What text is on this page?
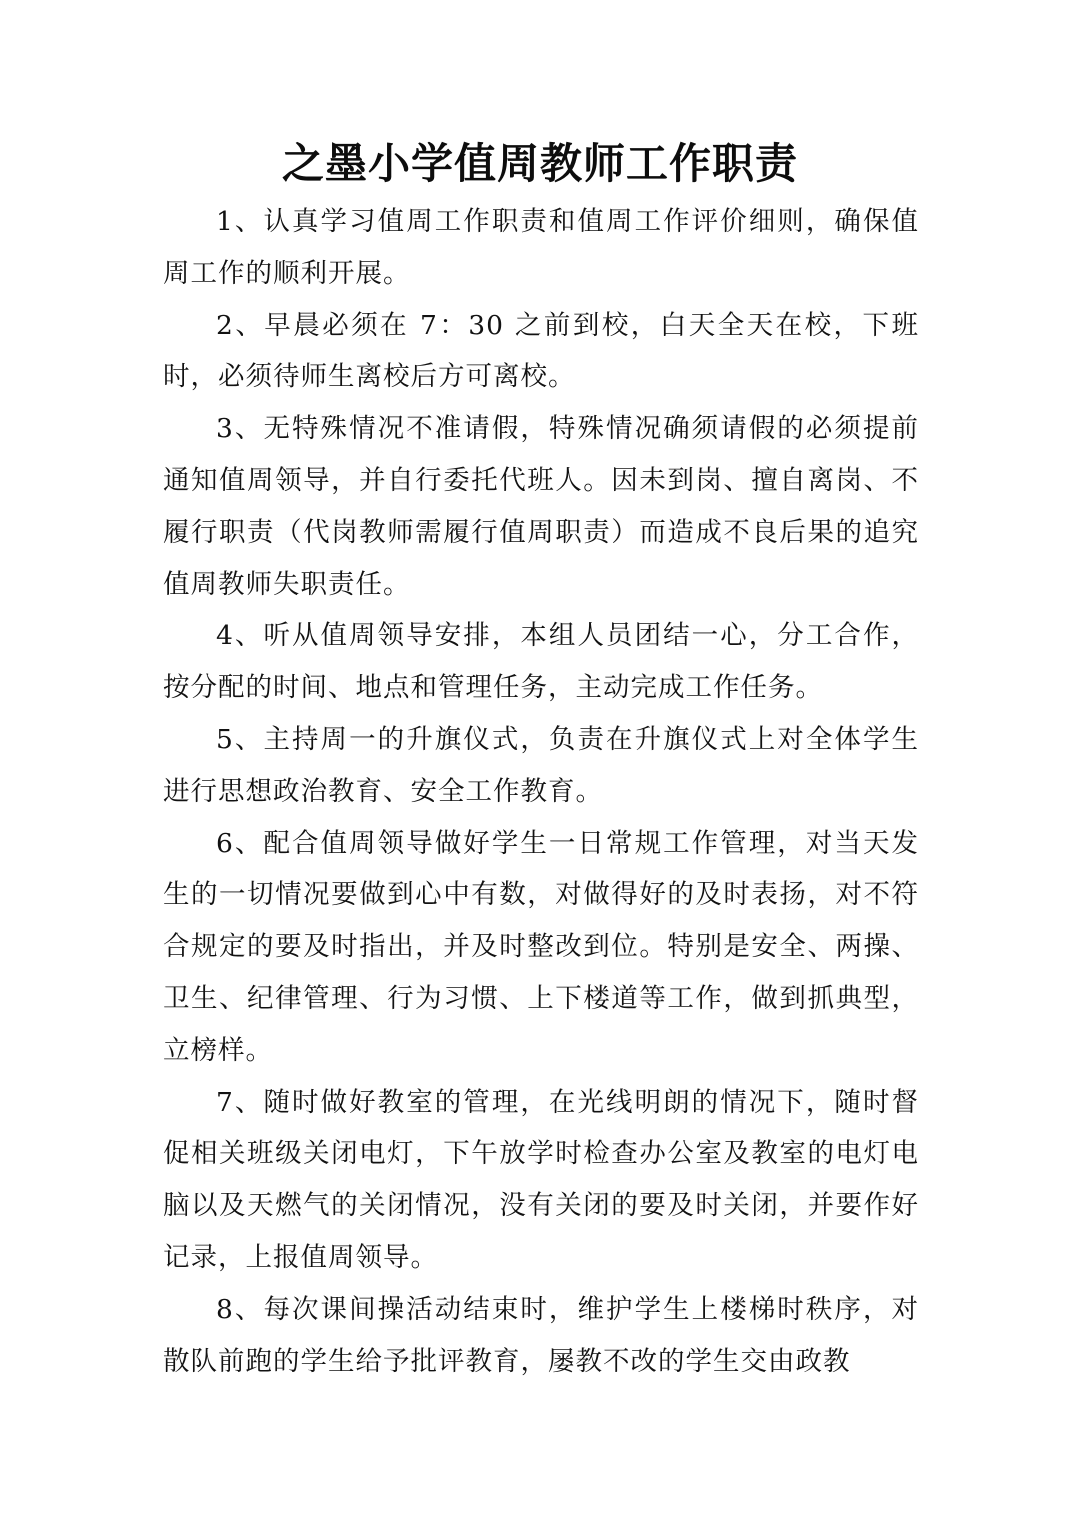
之墨小学值周教师工作职责

1、认真学习值周工作职责和值周工作评价细则，确保值周工作的顺利开展。

2、早晨必须在 7：30 之前到校，白天全天在校，下班时，必须待师生离校后方可离校。

3、无特殊情况不准请假，特殊情况确须请假的必须提前通知值周领导，并自行委托代班人。因未到岗、擅自离岗、不履行职责（代岗教师需履行值周职责）而造成不良后果的追究值周教师失职责任。

4、听从值周领导安排，本组人员团结一心，分工合作，按分配的时间、地点和管理任务，主动完成工作任务。

5、主持周一的升旗仪式，负责在升旗仪式上对全体学生进行思想政治教育、安全工作教育。

6、配合值周领导做好学生一日常规工作管理，对当天发生的一切情况要做到心中有数，对做得好的及时表扬，对不符合规定的要及时指出，并及时整改到位。特别是安全、两操、卫生、纪律管理、行为习惯、上下楼道等工作，做到抓典型，立榜样。

7、随时做好教室的管理，在光线明朗的情况下，随时督促相关班级关闭电灯，下午放学时检查办公室及教室的电灯电脑以及天燃气的关闭情况，没有关闭的要及时关闭，并要作好记录，上报值周领导。

8、每次课间操活动结束时，维护学生上楼梯时秩序，对散队前跑的学生给予批评教育，屡教不改的学生交由政教
